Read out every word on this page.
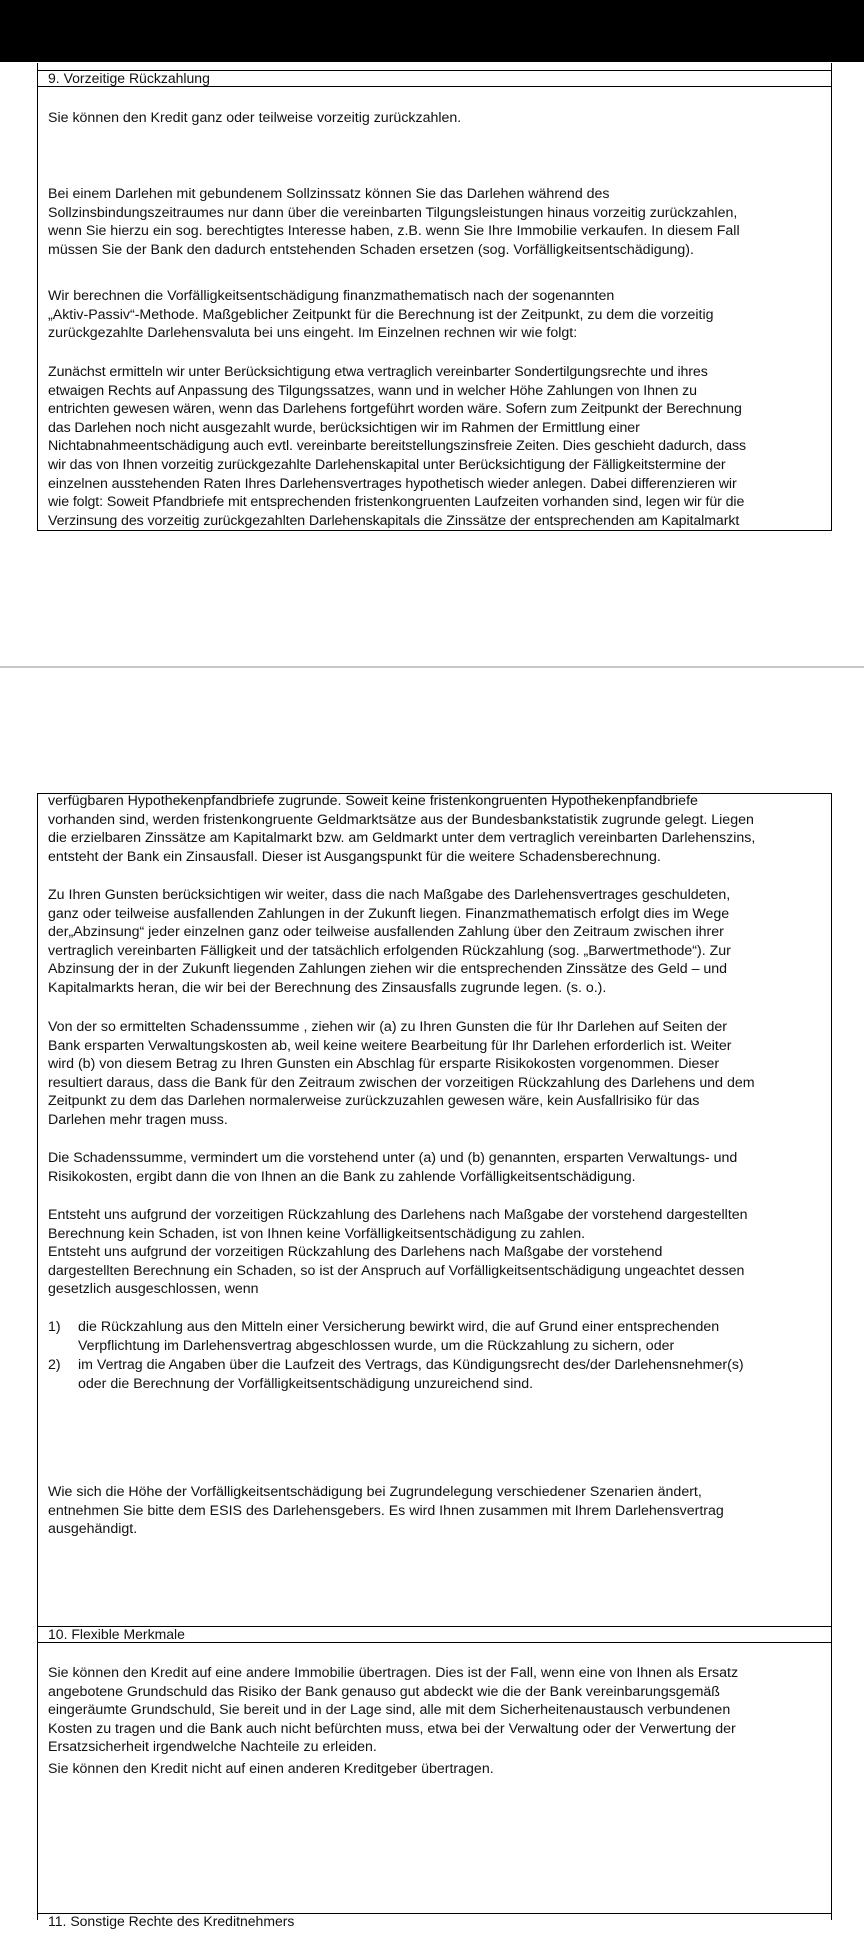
9. Vorzeitige Rückzahlung

Sie können den Kredit ganz oder teilweise vorzeitig zurückzahlen.

Bei einem Darlehen mit gebundenem Sollzinssatz können Sie das Darlehen während des
Sollzinsbindungszeitraumes nur dann über die vereinbarten Tilgungsleistungen hinaus vorzeitig zurückzahlen,
wenn Sie hierzu ein sog. berechtigtes Interesse haben, z.B. wenn Sie Ihre Immobilie verkaufen. In diesem Fall
müssen Sie der Bank den dadurch entstehenden Schaden ersetzen (sog. Vorfälligkeitsentschädigung).

Wir berechnen die Vorfälligkeitsentschädigung finanzmathematisch nach der sogenannten
„Aktiv-Passiv“-Methode. Maßgeblicher Zeitpunkt für die Berechnung ist der Zeitpunkt, zu dem die vorzeitig
zurückgezahlte Darlehensvaluta bei uns eingeht. Im Einzelnen rechnen wir wie folgt:

Zunächst ermitteln wir unter Berücksichtigung etwa vertraglich vereinbarter Sondertilgungsrechte und ihres
etwaigen Rechts auf Anpassung des Tilgungssatzes, wann und in welcher Höhe Zahlungen von Ihnen zu
entrichten gewesen wären, wenn das Darlehens fortgeführt worden wäre. Sofern zum Zeitpunkt der Berechnung
das Darlehen noch nicht ausgezahlt wurde, berücksichtigen wir im Rahmen der Ermittlung einer
Nichtabnahmeentschädigung auch evtl. vereinbarte bereitstellungszinsfreie Zeiten. Dies geschieht dadurch, dass
wir das von Ihnen vorzeitig zurückgezahlte Darlehenskapital unter Berücksichtigung der Fälligkeitstermine der
einzelnen ausstehenden Raten Ihres Darlehensvertrages hypothetisch wieder anlegen. Dabei differenzieren wir
wie folgt: Soweit Pfandbriefe mit entsprechenden fristenkongruenten Laufzeiten vorhanden sind, legen wir für die
Verzinsung des vorzeitig zurückgezahlten Darlehenskapitals die Zinssätze der entsprechenden am Kapitalmarkt

verfügbaren Hypothekenpfandbriefe zugrunde. Soweit keine fristenkongruenten Hypothekenpfandbriefe
vorhanden sind, werden fristenkongruente Geldmarktsätze aus der Bundesbankstatistik zugrunde gelegt. Liegen
die erzielbaren Zinssätze am Kapitalmarkt bzw. am Geldmarkt unter dem vertraglich vereinbarten Darlehenszins,
entsteht der Bank ein Zinsausfall. Dieser ist Ausgangspunkt für die weitere Schadensberechnung.

Zu Ihren Gunsten berücksichtigen wir weiter, dass die nach Maßgabe des Darlehensvertrages geschuldeten,
ganz oder teilweise ausfallenden Zahlungen in der Zukunft liegen. Finanzmathematisch erfolgt dies im Wege
der„Abzinsung“ jeder einzelnen ganz oder teilweise ausfallenden Zahlung über den Zeitraum zwischen ihrer
vertraglich vereinbarten Fälligkeit und der tatsächlich erfolgenden Rückzahlung (sog. „Barwertmethode“). Zur
Abzinsung der in der Zukunft liegenden Zahlungen ziehen wir die entsprechenden Zinssätze des Geld – und
Kapitalmarkts heran, die wir bei der Berechnung des Zinsausfalls zugrunde legen. (s. o.).

Von der so ermittelten Schadenssumme , ziehen wir (a) zu Ihren Gunsten die für Ihr Darlehen auf Seiten der
Bank ersparten Verwaltungskosten ab, weil keine weitere Bearbeitung für Ihr Darlehen erforderlich ist. Weiter
wird (b) von diesem Betrag zu Ihren Gunsten ein Abschlag für ersparte Risikokosten vorgenommen. Dieser
resultiert daraus, dass die Bank für den Zeitraum zwischen der vorzeitigen Rückzahlung des Darlehens und dem
Zeitpunkt zu dem das Darlehen normalerweise zurückzuzahlen gewesen wäre, kein Ausfallrisiko für das
Darlehen mehr tragen muss.

Die Schadenssumme, vermindert um die vorstehend unter (a) und (b) genannten, ersparten Verwaltungs- und
Risikokosten, ergibt dann die von Ihnen an die Bank zu zahlende Vorfälligkeitsentschädigung.

Entsteht uns aufgrund der vorzeitigen Rückzahlung des Darlehens nach Maßgabe der vorstehend dargestellten
Berechnung kein Schaden, ist von Ihnen keine Vorfälligkeitsentschädigung zu zahlen.
Entsteht uns aufgrund der vorzeitigen Rückzahlung des Darlehens nach Maßgabe der vorstehend
dargestellten Berechnung ein Schaden, so ist der Anspruch auf Vorfälligkeitsentschädigung ungeachtet dessen
gesetzlich ausgeschlossen, wenn

1) die Rückzahlung aus den Mitteln einer Versicherung bewirkt wird, die auf Grund einer entsprechenden
Verpflichtung im Darlehensvertrag abgeschlossen wurde, um die Rückzahlung zu sichern, oder

2) im Vertrag die Angaben über die Laufzeit des Vertrags, das Kündigungsrecht des/der Darlehensnehmer(s)
oder die Berechnung der Vorfälligkeitsentschädigung unzureichend sind.

Wie sich die Höhe der Vorfälligkeitsentschädigung bei Zugrundelegung verschiedener Szenarien ändert,
entnehmen Sie bitte dem ESIS des Darlehensgebers. Es wird Ihnen zusammen mit Ihrem Darlehensvertrag
ausgehändigt.

10. Flexible Merkmale

Sie können den Kredit auf eine andere Immobilie übertragen. Dies ist der Fall, wenn eine von Ihnen als Ersatz
angebotene Grundschuld das Risiko der Bank genauso gut abdeckt wie die der Bank vereinbarungsgemäß
eingeräumte Grundschuld, Sie bereit und in der Lage sind, alle mit dem Sicherheitenaustausch verbundenen
Kosten zu tragen und die Bank auch nicht befürchten muss, etwa bei der Verwaltung oder der Verwertung der
Ersatzsicherheit irgendwelche Nachteile zu erleiden.

Sie können den Kredit nicht auf einen anderen Kreditgeber übertragen.

11. Sonstige Rechte des Kreditnehmers
